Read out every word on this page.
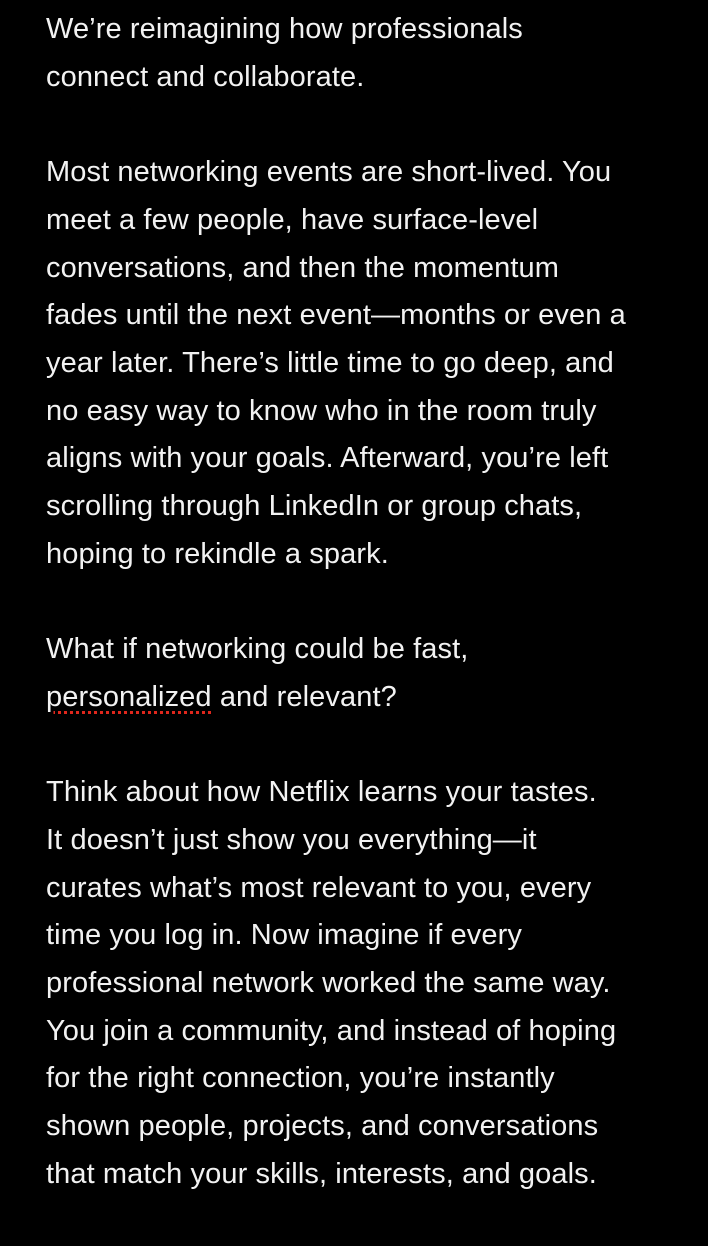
We’re reimagining how professionals
connect and collaborate.

Most networking events are short-lived. You
meet a few people, have surface-level
conversations, and then the momentum
fades until the next event—months or even a
year later. There’s little time to go deep, and
no easy way to know who in the room truly
aligns with your goals. Afterward, you’re left
scrolling through LinkedIn or group chats,
hoping to rekindle a spark.

What if networking could be fast,
personalized and relevant?

Think about how Netflix learns your tastes.
It doesn’t just show you everything—it
curates what’s most relevant to you, every
time you log in. Now imagine if every
professional network worked the same way.
You join a community, and instead of hoping
for the right connection, you’re instantly
shown people, projects, and conversations
that match your skills, interests, and goals.
